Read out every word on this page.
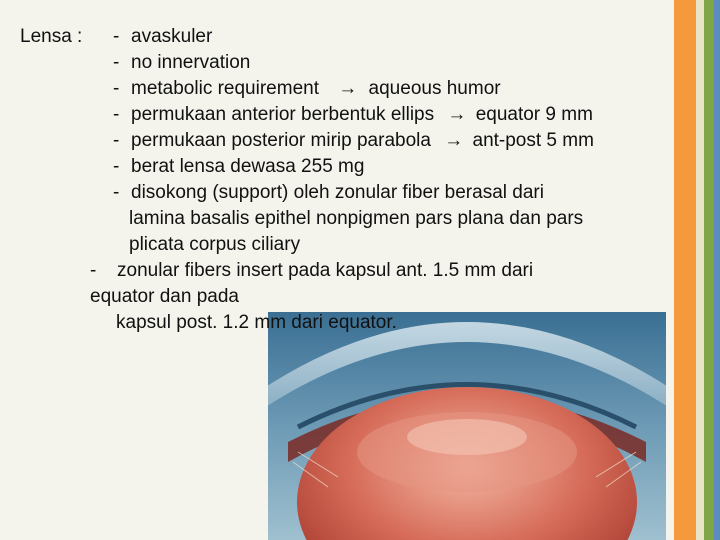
Lensa : - avaskuler
- no innervation
- metabolic requirement → aqueous humor
- permukaan anterior berbentuk ellips → equator 9 mm
- permukaan posterior mirip parabola → ant-post 5 mm
- berat lensa dewasa 255 mg
- disokong (support) oleh zonular fiber berasal dari
lamina basalis epithel nonpigmen pars plana dan pars
plicata corpus ciliary
- zonular fibers insert pada kapsul ant. 1.5 mm dari
equator dan pada
kapsul post. 1.2 mm dari equator.
